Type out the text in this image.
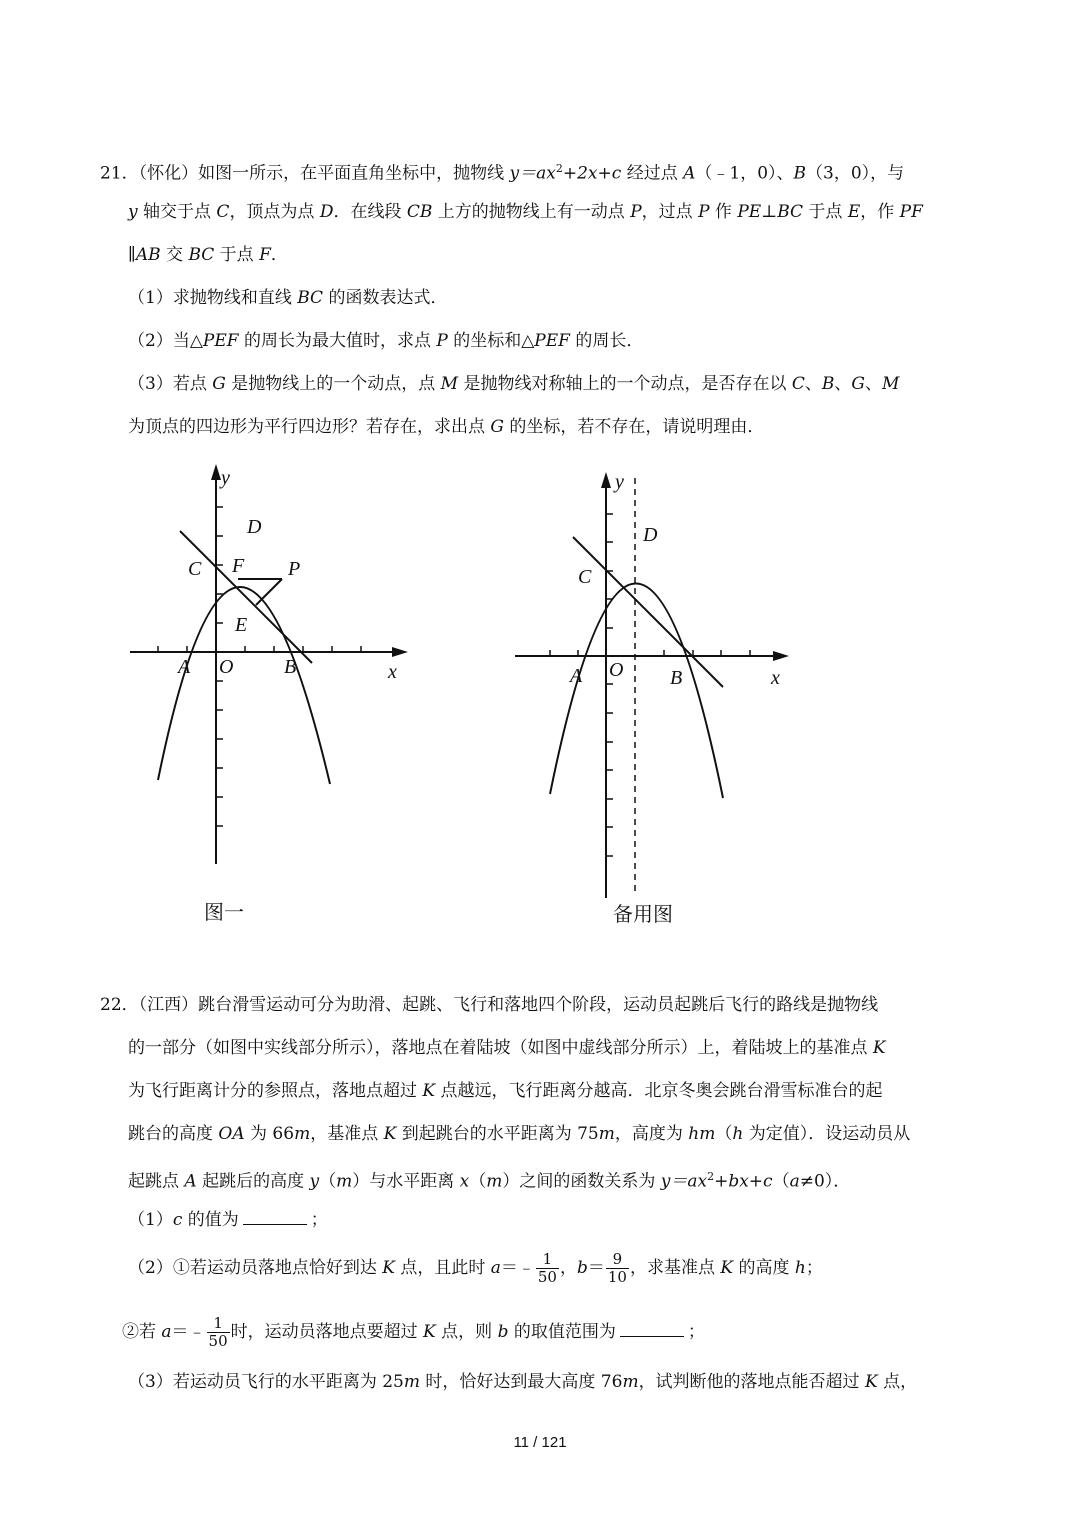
21．（怀化）如图一所示，在平面直角坐标中，抛物线 $y=ax^2+2x+c$ 经过点 A（﹣1，0）、B（3，0），与
y 轴交于点 C，顶点为点 D．在线段 CB 上方的抛物线上有一动点 P，过点 P 作 PE⊥BC 于点 E，作 PF
∥AB 交 BC 于点 F．
（1）求抛物线和直线 BC 的函数表达式．
（2）当△PEF 的周长为最大值时，求点 P 的坐标和△PEF 的周长．
（3）若点 G 是抛物线上的一个动点，点 M 是抛物线对称轴上的一个动点，是否存在以 C、B、G、M
为顶点的四边形为平行四边形？若存在，求出点 G 的坐标，若不存在，请说明理由．
y
x
O
A	B
C
D
E
F P
图一
y
x
O
A	B
C
D
备用图
22．（江西）跳台滑雪运动可分为助滑、起跳、飞行和落地四个阶段，运动员起跳后飞行的路线是抛物线
的一部分（如图中实线部分所示），落地点在着陆坡（如图中虚线部分所示）上，着陆坡上的基准点 K
为飞行距离计分的参照点，落地点超过 K 点越远，飞行距离分越高．北京冬奥会跳台滑雪标准台的起
跳台的高度 OA 为 66m，基准点 K 到起跳台的水平距离为 75m，高度为 hm（h 为定值）．设运动员从
起跳点 A 起跳后的高度 y（m）与水平距离 x（m）之间的函数关系为 $y=ax^2+bx+c(a\ne 0)$．
（1）c 的值为	；
（2）①若运动员落地点恰好到达 K 点，且此时 a＝﹣ $\frac{1}{50}$ ，$b= \frac{9}{10}$ ，求基准点 K 的高度 h；
②若 a＝﹣ $\frac{1}{50}$ 时，运动员落地点要超过 K 点，则 b 的取值范围为	；
（3）若运动员飞行的水平距离为 25m 时，恰好达到最大高度 76m，试判断他的落地点能否超过 K 点，
11 / 121
